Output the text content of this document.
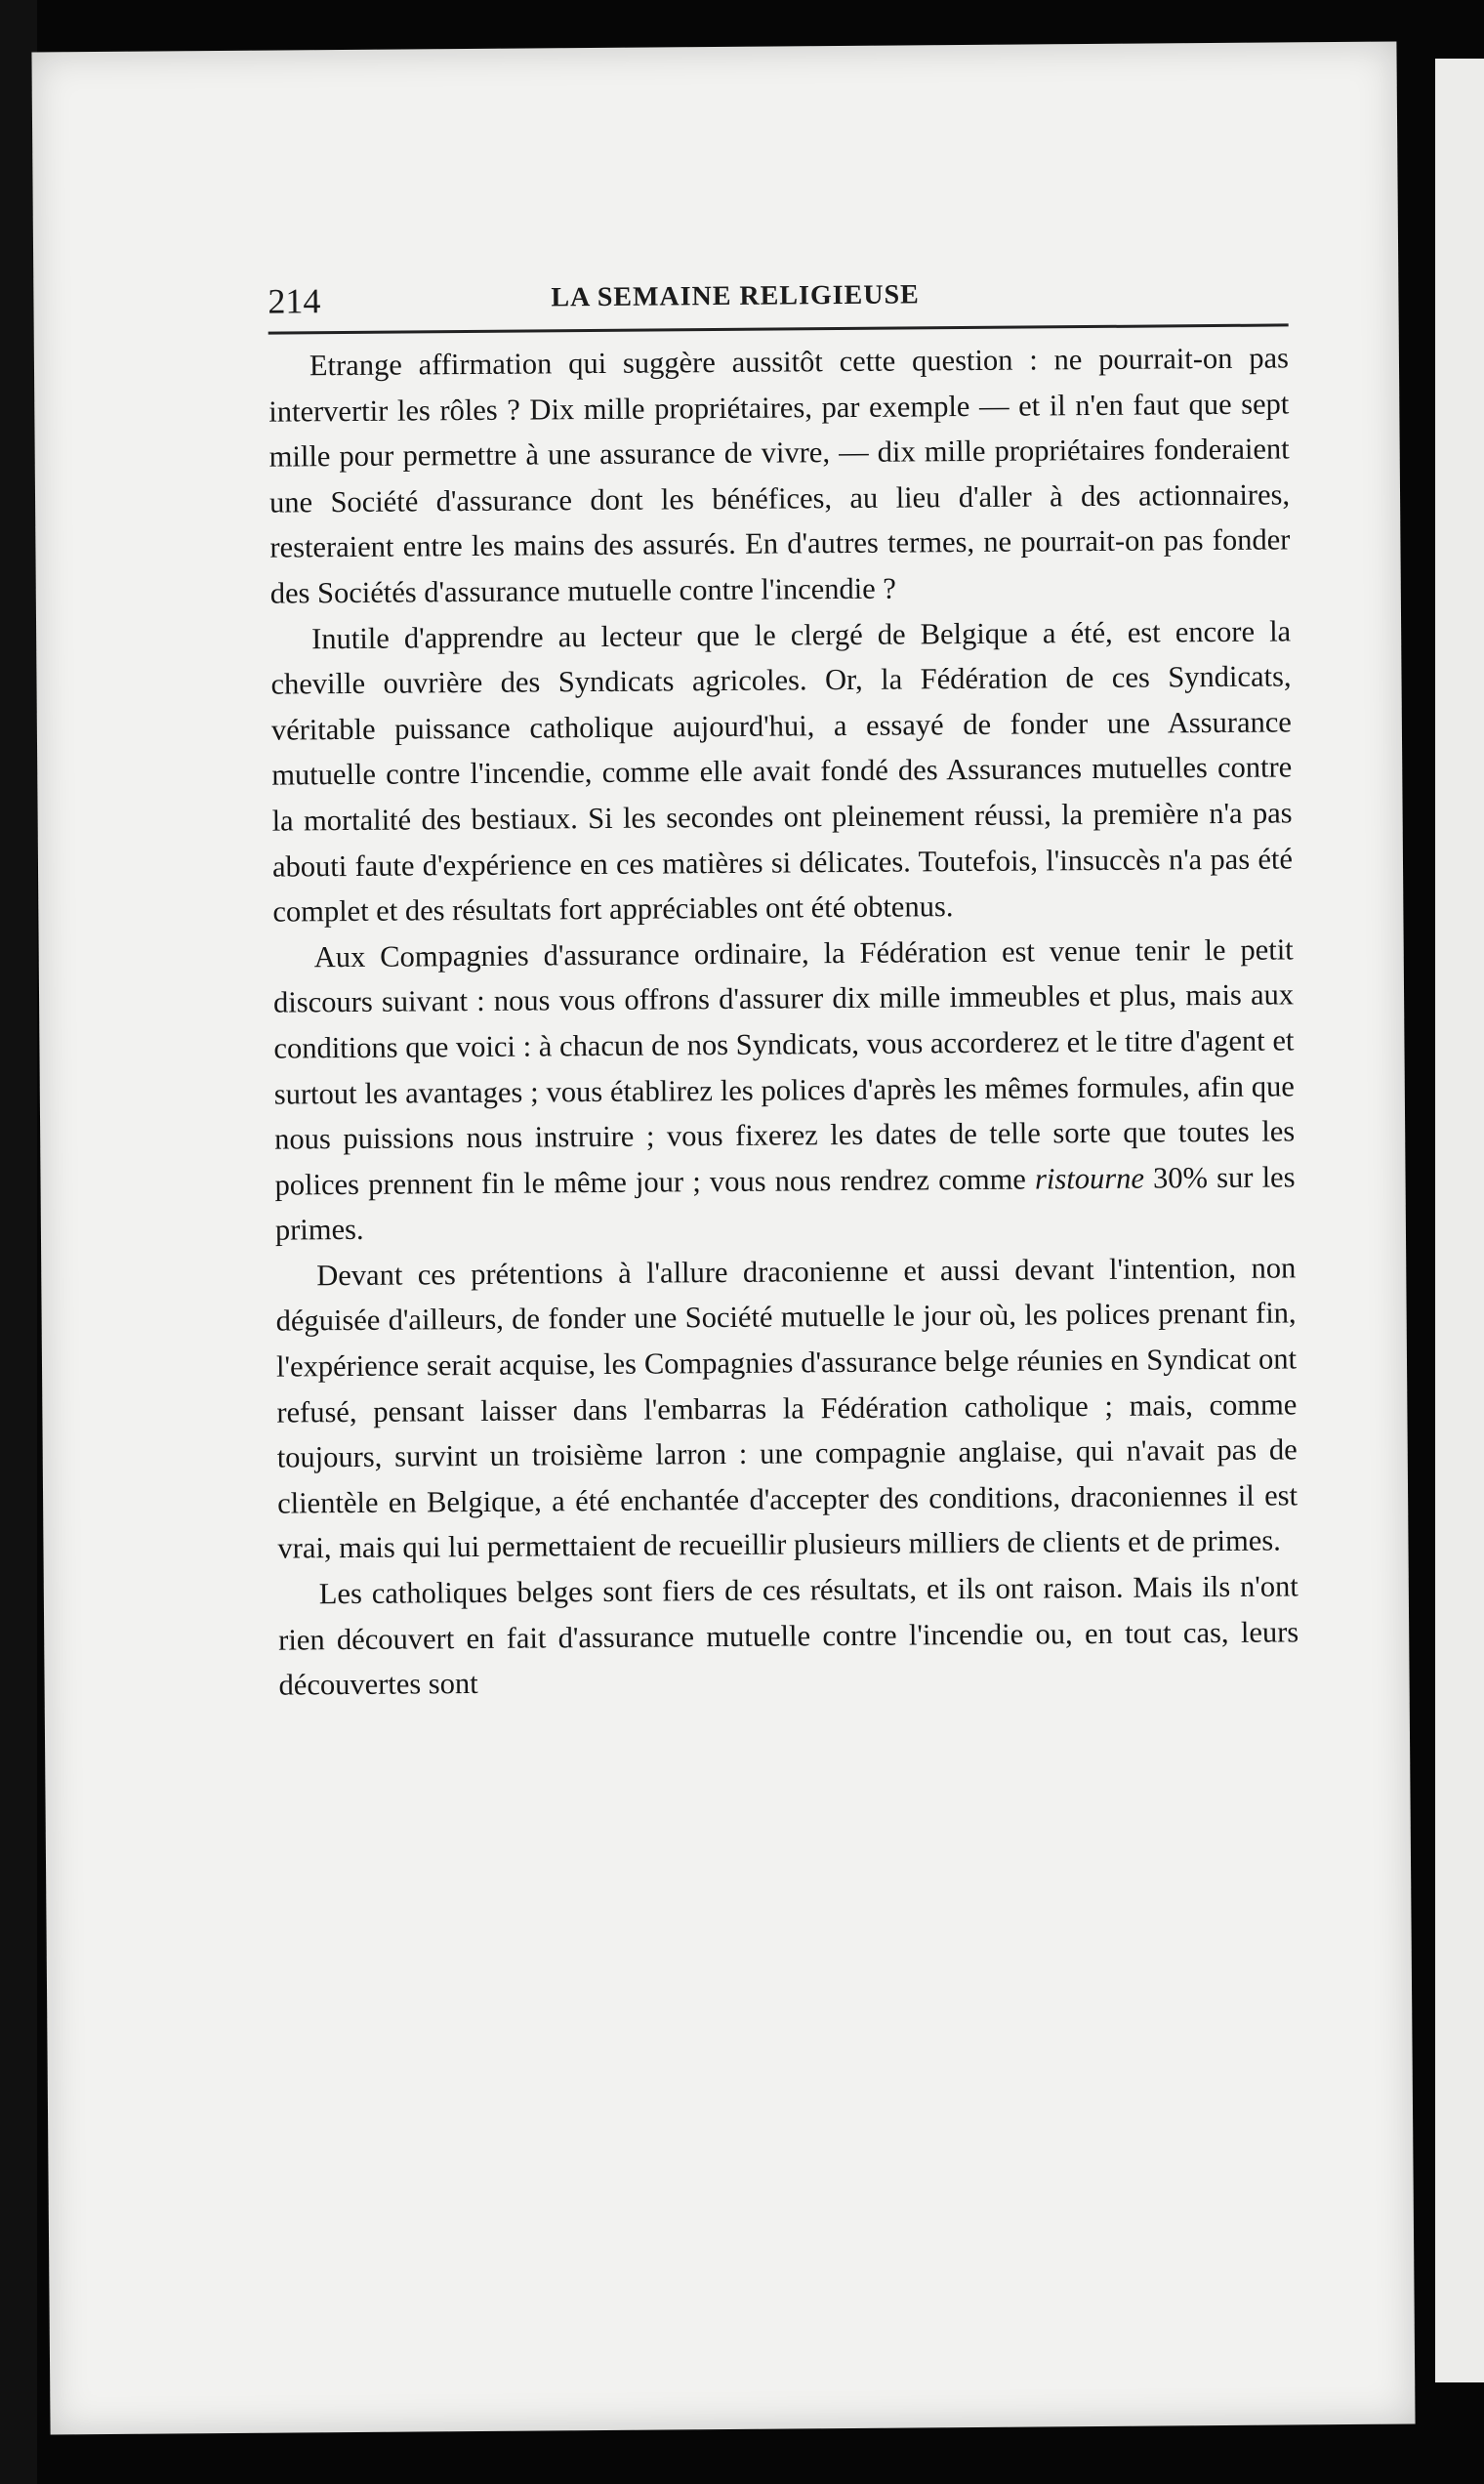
214	LA SEMAINE RELIGIEUSE

Etrange affirmation qui suggère aussitôt cette question : ne pourrait-on pas intervertir les rôles ? Dix mille propriétaires, par exemple — et il n'en faut que sept mille pour permettre à une assurance de vivre, — dix mille propriétaires fonderaient une Société d'assurance dont les bénéfices, au lieu d'aller à des actionnaires, resteraient entre les mains des assurés. En d'autres termes, ne pourrait-on pas fonder des Sociétés d'assurance mutuelle contre l'incendie ?

Inutile d'apprendre au lecteur que le clergé de Belgique a été, est encore la cheville ouvrière des Syndicats agricoles. Or, la Fédération de ces Syndicats, véritable puissance catholique aujourd'hui, a essayé de fonder une Assurance mutuelle contre l'incendie, comme elle avait fondé des Assurances mutuelles contre la mortalité des bestiaux. Si les secondes ont pleinement réussi, la première n'a pas abouti faute d'expérience en ces matières si délicates. Toutefois, l'insuccès n'a pas été complet et des résultats fort appréciables ont été obtenus.

Aux Compagnies d'assurance ordinaire, la Fédération est venue tenir le petit discours suivant : nous vous offrons d'assurer dix mille immeubles et plus, mais aux conditions que voici : à chacun de nos Syndicats, vous accorderez et le titre d'agent et surtout les avantages ; vous établirez les polices d'après les mêmes formules, afin que nous puissions nous instruire ; vous fixerez les dates de telle sorte que toutes les polices prennent fin le même jour ; vous nous rendrez comme ristourne 30% sur les primes.

Devant ces prétentions à l'allure draconienne et aussi devant l'intention, non déguisée d'ailleurs, de fonder une Société mutuelle le jour où, les polices prenant fin, l'expérience serait acquise, les Compagnies d'assurance belge réunies en Syndicat ont refusé, pensant laisser dans l'embarras la Fédération catholique ; mais, comme toujours, survint un troisième larron : une compagnie anglaise, qui n'avait pas de clientèle en Belgique, a été enchantée d'accepter des conditions, draconiennes il est vrai, mais qui lui permettaient de recueillir plusieurs milliers de clients et de primes.

Les catholiques belges sont fiers de ces résultats, et ils ont raison. Mais ils n'ont rien découvert en fait d'assurance mutuelle contre l'incendie ou, en tout cas, leurs découvertes sont
